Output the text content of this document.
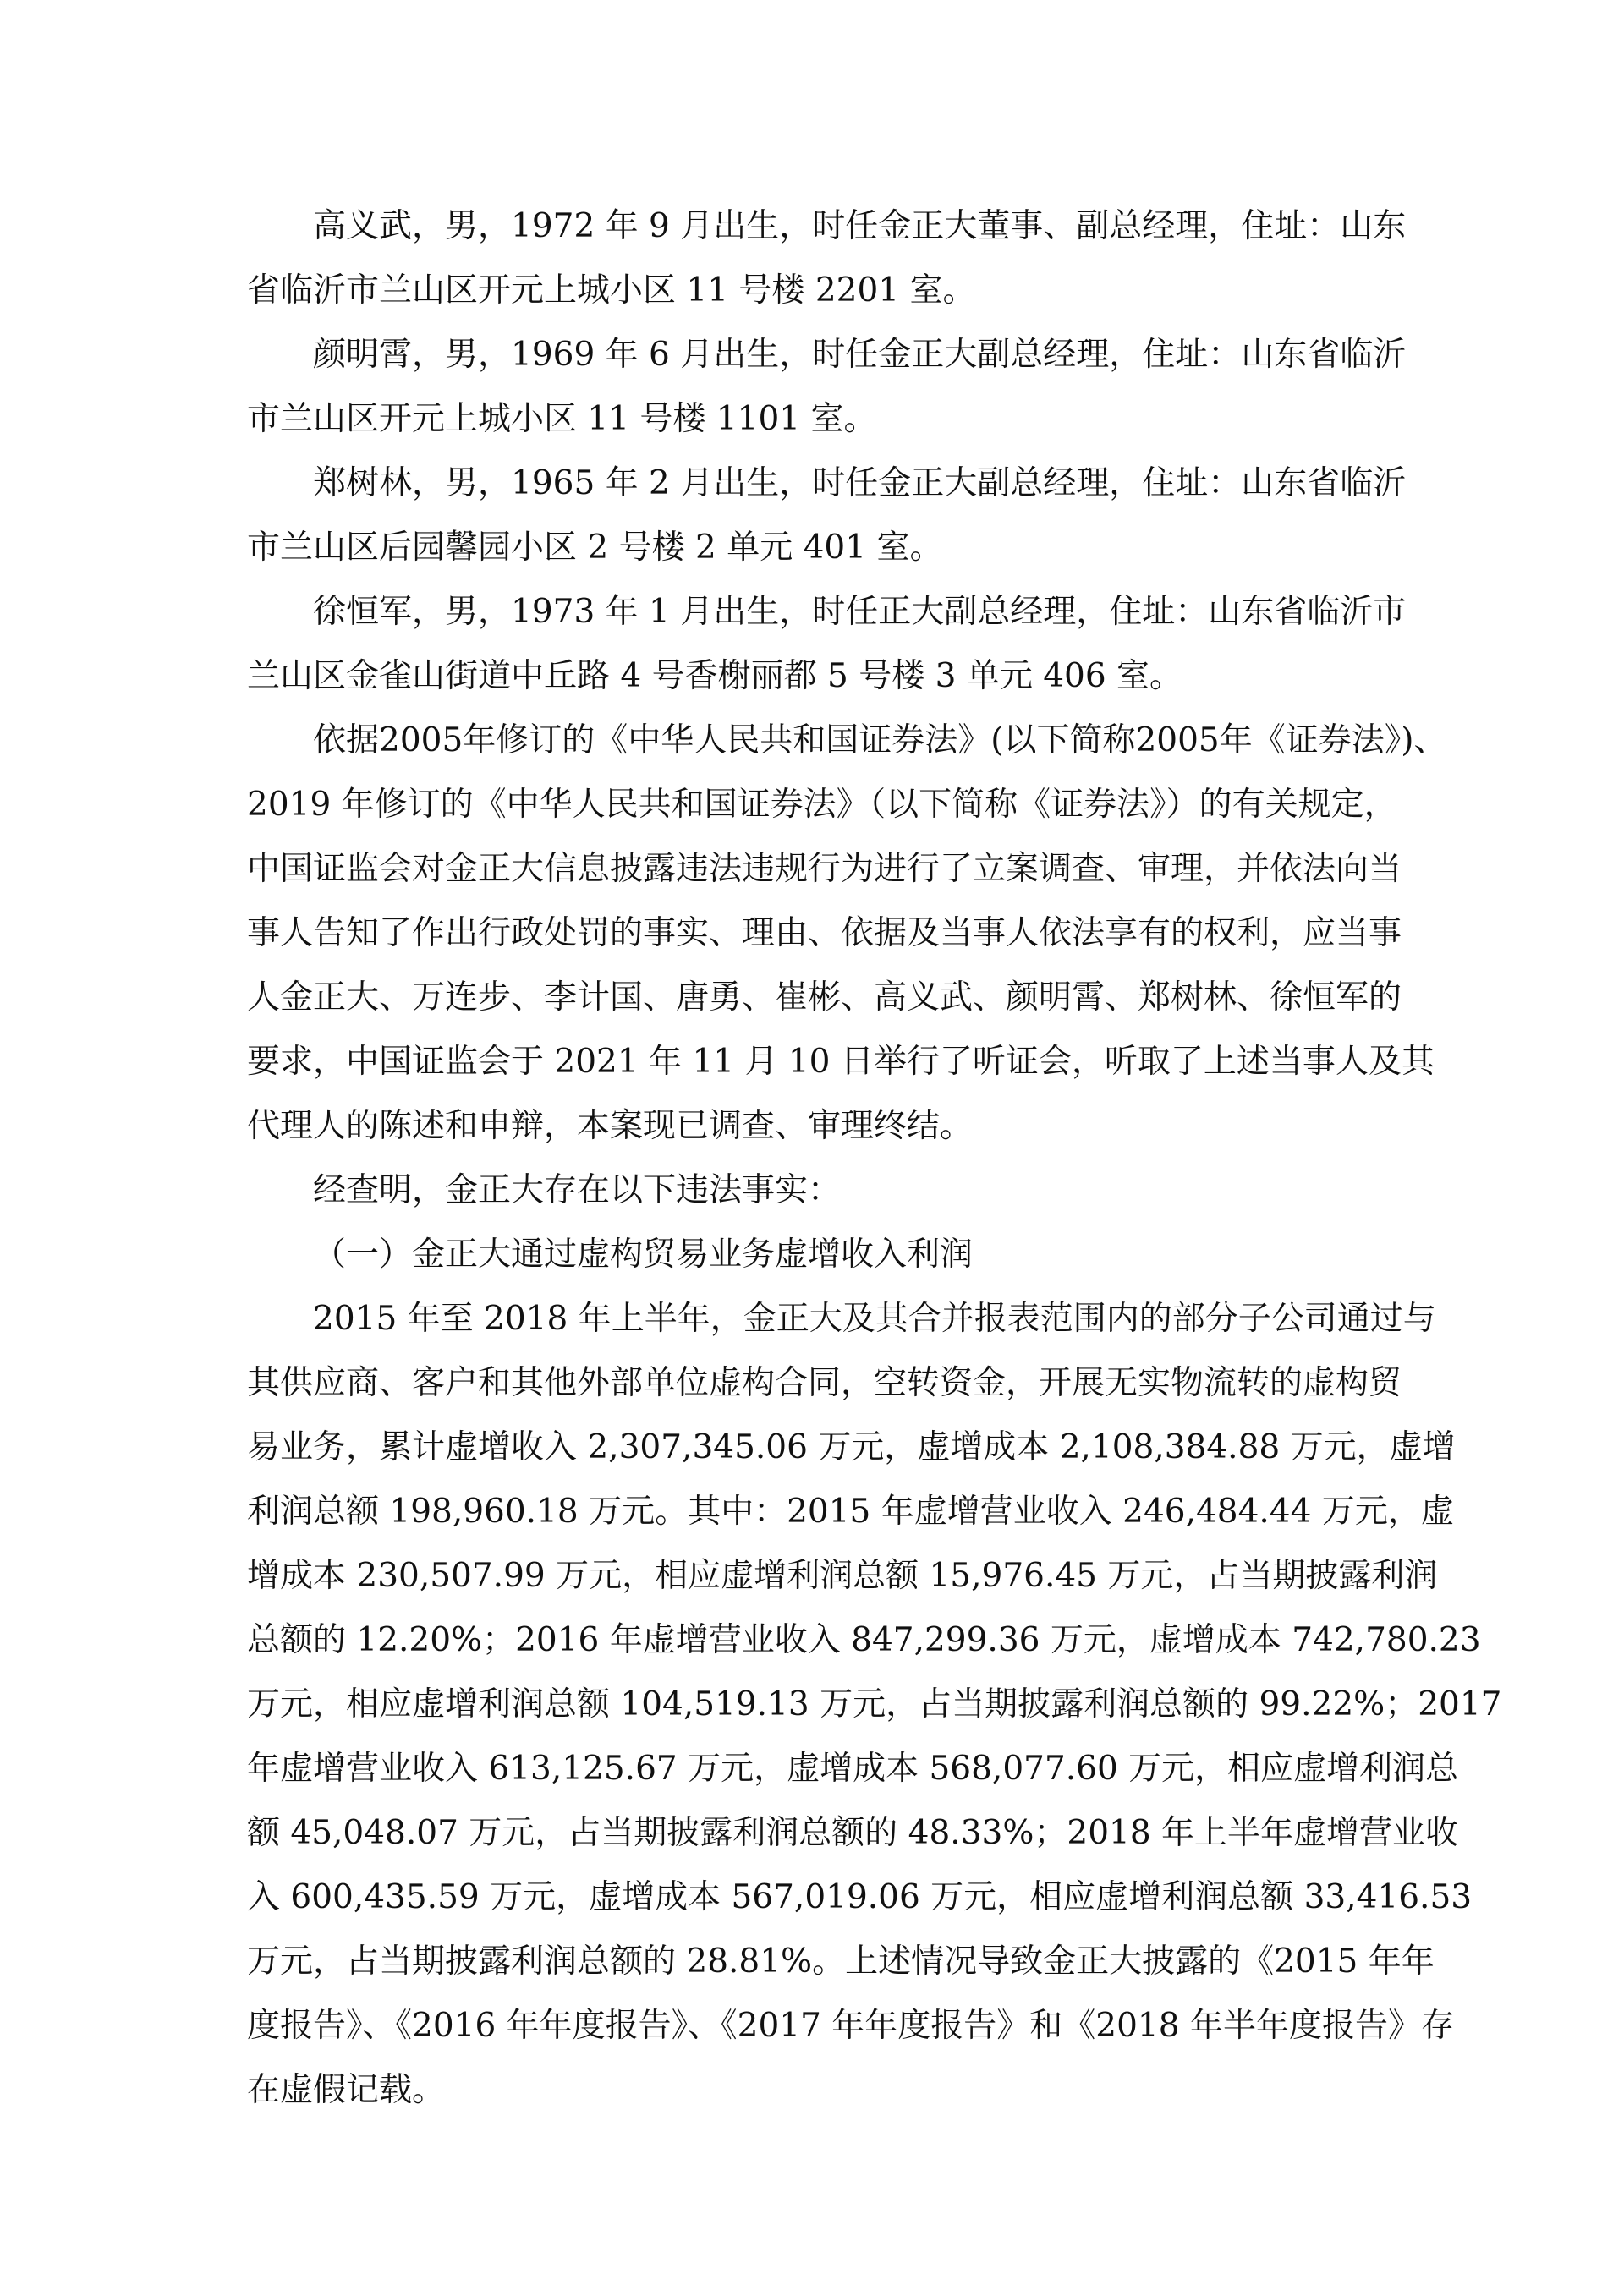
高义武，男，1972 年 9 月出生，时任金正大董事、副总经理，住址：山东
省临沂市兰山区开元上城小区 11 号楼 2201 室。
颜明霄，男，1969 年 6 月出生，时任金正大副总经理，住址：山东省临沂
市兰山区开元上城小区 11 号楼 1101 室。
郑树林，男，1965 年 2 月出生，时任金正大副总经理，住址：山东省临沂
市兰山区后园馨园小区 2 号楼 2 单元 401 室。
徐恒军，男，1973 年 1 月出生，时任正大副总经理，住址：山东省临沂市
兰山区金雀山街道中丘路 4 号香榭丽都 5 号楼 3 单元 406 室。
依据2005年修订的《中华人民共和国证券法》(以下简称2005年《证券法》)、
2019 年修订的《中华人民共和国证券法》（以下简称《证券法》）的有关规定，
中国证监会对金正大信息披露违法违规行为进行了立案调查、审理，并依法向当
事人告知了作出行政处罚的事实、理由、依据及当事人依法享有的权利，应当事
人金正大、万连步、李计国、唐勇、崔彬、高义武、颜明霄、郑树林、徐恒军的
要求，中国证监会于 2021 年 11 月 10 日举行了听证会，听取了上述当事人及其
代理人的陈述和申辩，本案现已调查、审理终结。
经查明，金正大存在以下违法事实：
（一）金正大通过虚构贸易业务虚增收入利润
2015 年至 2018 年上半年，金正大及其合并报表范围内的部分子公司通过与
其供应商、客户和其他外部单位虚构合同，空转资金，开展无实物流转的虚构贸
易业务，累计虚增收入 2,307,345.06 万元，虚增成本 2,108,384.88 万元，虚增
利润总额 198,960.18 万元。其中：2015 年虚增营业收入 246,484.44 万元，虚
增成本 230,507.99 万元，相应虚增利润总额 15,976.45 万元，占当期披露利润
总额的 12.20%；2016 年虚增营业收入 847,299.36 万元，虚增成本 742,780.23
万元，相应虚增利润总额 104,519.13 万元，占当期披露利润总额的 99.22%；2017
年虚增营业收入 613,125.67 万元，虚增成本 568,077.60 万元，相应虚增利润总
额 45,048.07 万元，占当期披露利润总额的 48.33%；2018 年上半年虚增营业收
入 600,435.59 万元，虚增成本 567,019.06 万元，相应虚增利润总额 33,416.53
万元，占当期披露利润总额的 28.81%。上述情况导致金正大披露的《2015 年年
度报告》、《2016 年年度报告》、《2017 年年度报告》和《2018 年半年度报告》存
在虚假记载。
